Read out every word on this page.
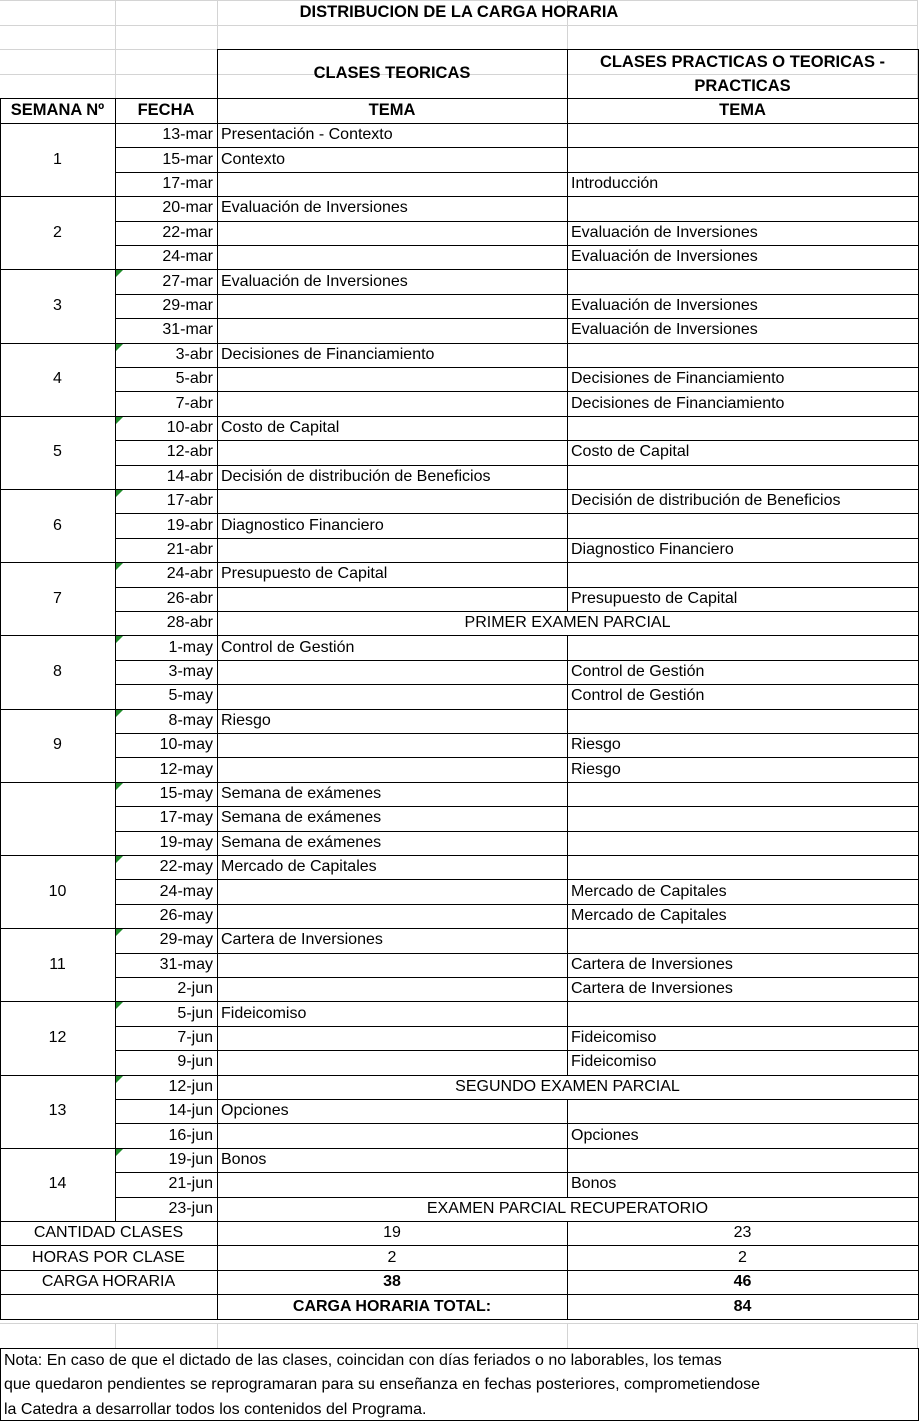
DISTRIBUCION DE LA CARGA HORARIA
CLASES TEORICAS
CLASES PRACTICAS O TEORICAS - PRACTICAS
SEMANA Nº	FECHA	TEMA	TEMA
1
13-mar Presentación - Contexto
15-mar Contexto
17-mar	Introducción
2
20-mar Evaluación de Inversiones
22-mar	Evaluación de Inversiones
24-mar	Evaluación de Inversiones
3
27-mar Evaluación de Inversiones
29-mar	Evaluación de Inversiones
31-mar	Evaluación de Inversiones
4
3-abr Decisiones de Financiamiento
5-abr	Decisiones de Financiamiento
7-abr	Decisiones de Financiamiento
5
10-abr Costo de Capital
12-abr	Costo de Capital
14-abr Decisión de distribución de Beneficios
6
17-abr	Decisión de distribución de Beneficios
19-abr Diagnostico Financiero
21-abr	Diagnostico Financiero
7
24-abr Presupuesto de Capital
26-abr	Presupuesto de Capital
28-abr	PRIMER EXAMEN PARCIAL
8
1-may Control de Gestión
3-may	Control de Gestión
5-may	Control de Gestión
9
8-may Riesgo
10-may	Riesgo
12-may	Riesgo
15-may Semana de exámenes
17-may Semana de exámenes
19-may Semana de exámenes
10
22-may Mercado de Capitales
24-may	Mercado de Capitales
26-may	Mercado de Capitales
11
29-may Cartera de Inversiones
31-may	Cartera de Inversiones
2-jun	Cartera de Inversiones
12
5-jun Fideicomiso
7-jun	Fideicomiso
9-jun	Fideicomiso
13
12-jun	SEGUNDO EXAMEN PARCIAL
14-jun Opciones
16-jun	Opciones
14
19-jun Bonos
21-jun	Bonos
23-jun	EXAMEN PARCIAL RECUPERATORIO
CANTIDAD CLASES	19	23
HORAS POR CLASE	2	2
CARGA HORARIA	38	46
CARGA HORARIA TOTAL:	84
Nota: En caso de que el dictado de las clases, coincidan con días feriados o no laborables, los temas
que quedaron pendientes se reprogramaran para su enseñanza en fechas posteriores, comprometiendose
la Catedra a desarrollar todos los contenidos del Programa.
